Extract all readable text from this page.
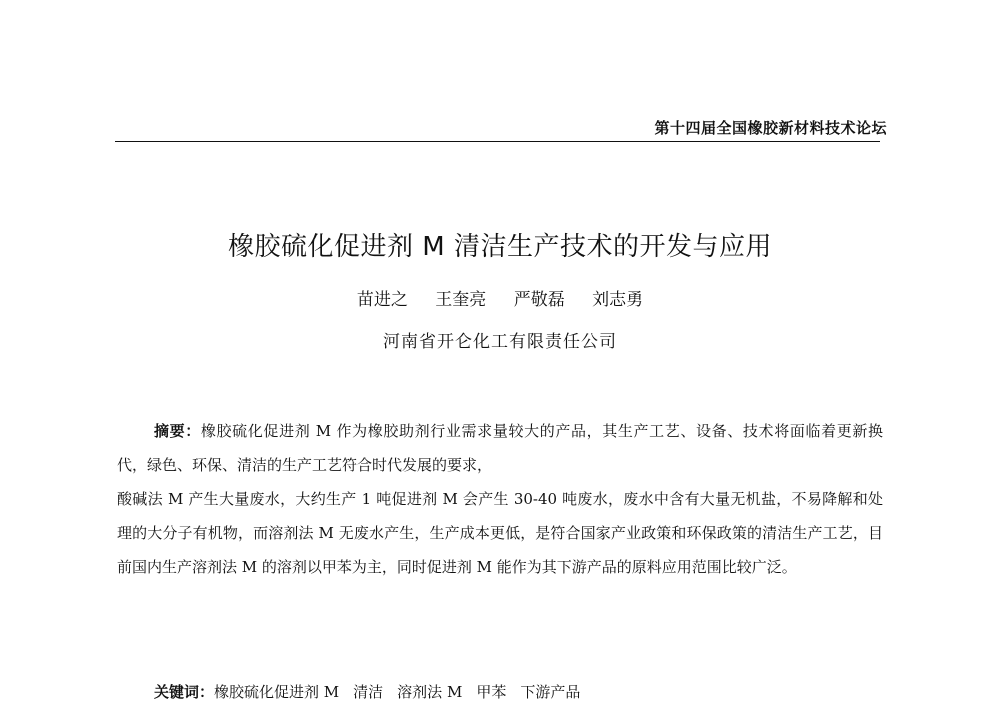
第十四届全国橡胶新材料技术论坛
橡胶硫化促进剂 M 清洁生产技术的开发与应用
苗进之 王奎亮 严敬磊 刘志勇
河南省开仑化工有限责任公司

摘要：橡胶硫化促进剂 M 作为橡胶助剂行业需求量较大的产品，其生产工艺、设备、技术将面临着更新换代，绿色、环保、清洁的生产工艺符合时代发展的要求，

酸碱法 M 产生大量废水，大约生产 1 吨促进剂 M 会产生 30-40 吨废水，废水中含有大量无机盐，不易降解和处理的大分子有机物，而溶剂法 M 无废水产生，生产成本更低，是符合国家产业政策和环保政策的清洁生产工艺，目前国内生产溶剂法 M 的溶剂以甲苯为主，同时促进剂 M 能作为其下游产品的原料应用范围比较广泛。

关键词：橡胶硫化促进剂 M 清洁 溶剂法 M 甲苯 下游产品
